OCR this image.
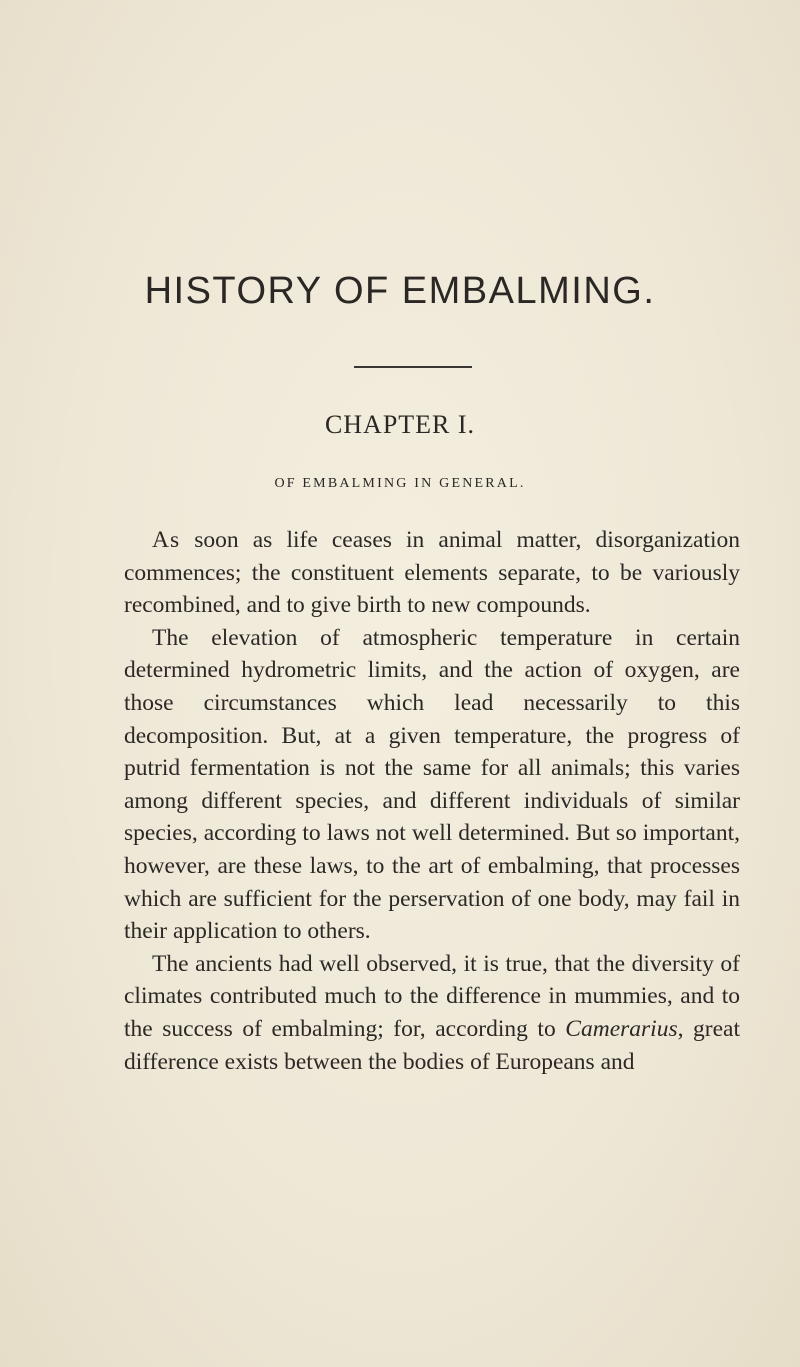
HISTORY OF EMBALMING.
CHAPTER I.
OF EMBALMING IN GENERAL.

As soon as life ceases in animal matter, disorganization commences; the constituent elements separate, to be variously recombined, and to give birth to new compounds.

The elevation of atmospheric temperature in certain determined hydrometric limits, and the action of oxygen, are those circumstances which lead necessarily to this decomposition. But, at a given temperature, the progress of putrid fermentation is not the same for all animals; this varies among different species, and different individuals of similar species, according to laws not well determined. But so important, however, are these laws, to the art of embalming, that processes which are sufficient for the perservation of one body, may fail in their application to others.

The ancients had well observed, it is true, that the diversity of climates contributed much to the difference in mummies, and to the success of embalming; for, according to Camerarius, great difference exists between the bodies of Europeans and
